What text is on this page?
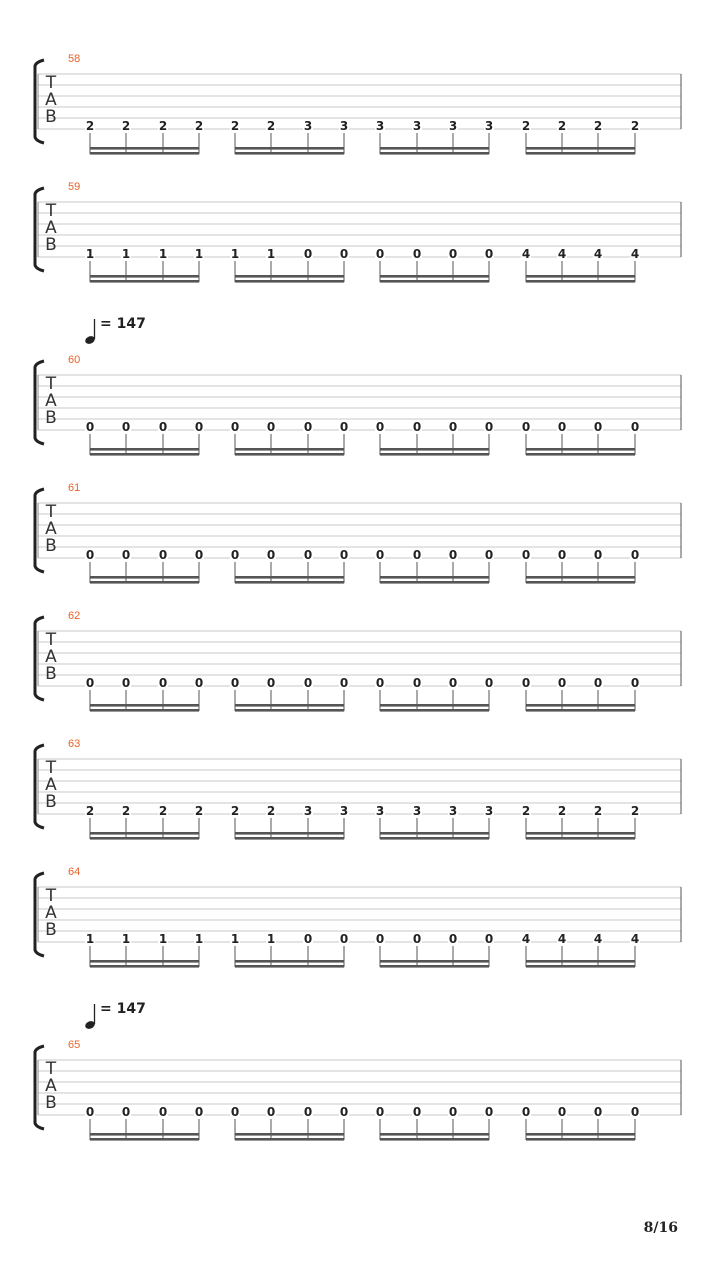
58
T
A
B 2 2 2 2 2 2 3 3 3 3 3 3 2 2 2 2
59
T
A
B 1 1 1 1 1 1 0 0 0 0 0 0 4 4 4 4
= 147
60
T
A
B 0 0 0 0 0 0 0 0 0 0 0 0 0 0 0 0
61
T
A
B 0 0 0 0 0 0 0 0 0 0 0 0 0 0 0 0
62
T
A
B 0 0 0 0 0 0 0 0 0 0 0 0 0 0 0 0
63
T
A
B 2 2 2 2 2 2 3 3 3 3 3 3 2 2 2 2
64
T
A
B 1 1 1 1 1 1 0 0 0 0 0 0 4 4 4 4
= 147
65
T
A
B 0 0 0 0 0 0 0 0 0 0 0 0 0 0 0 0
8/16
